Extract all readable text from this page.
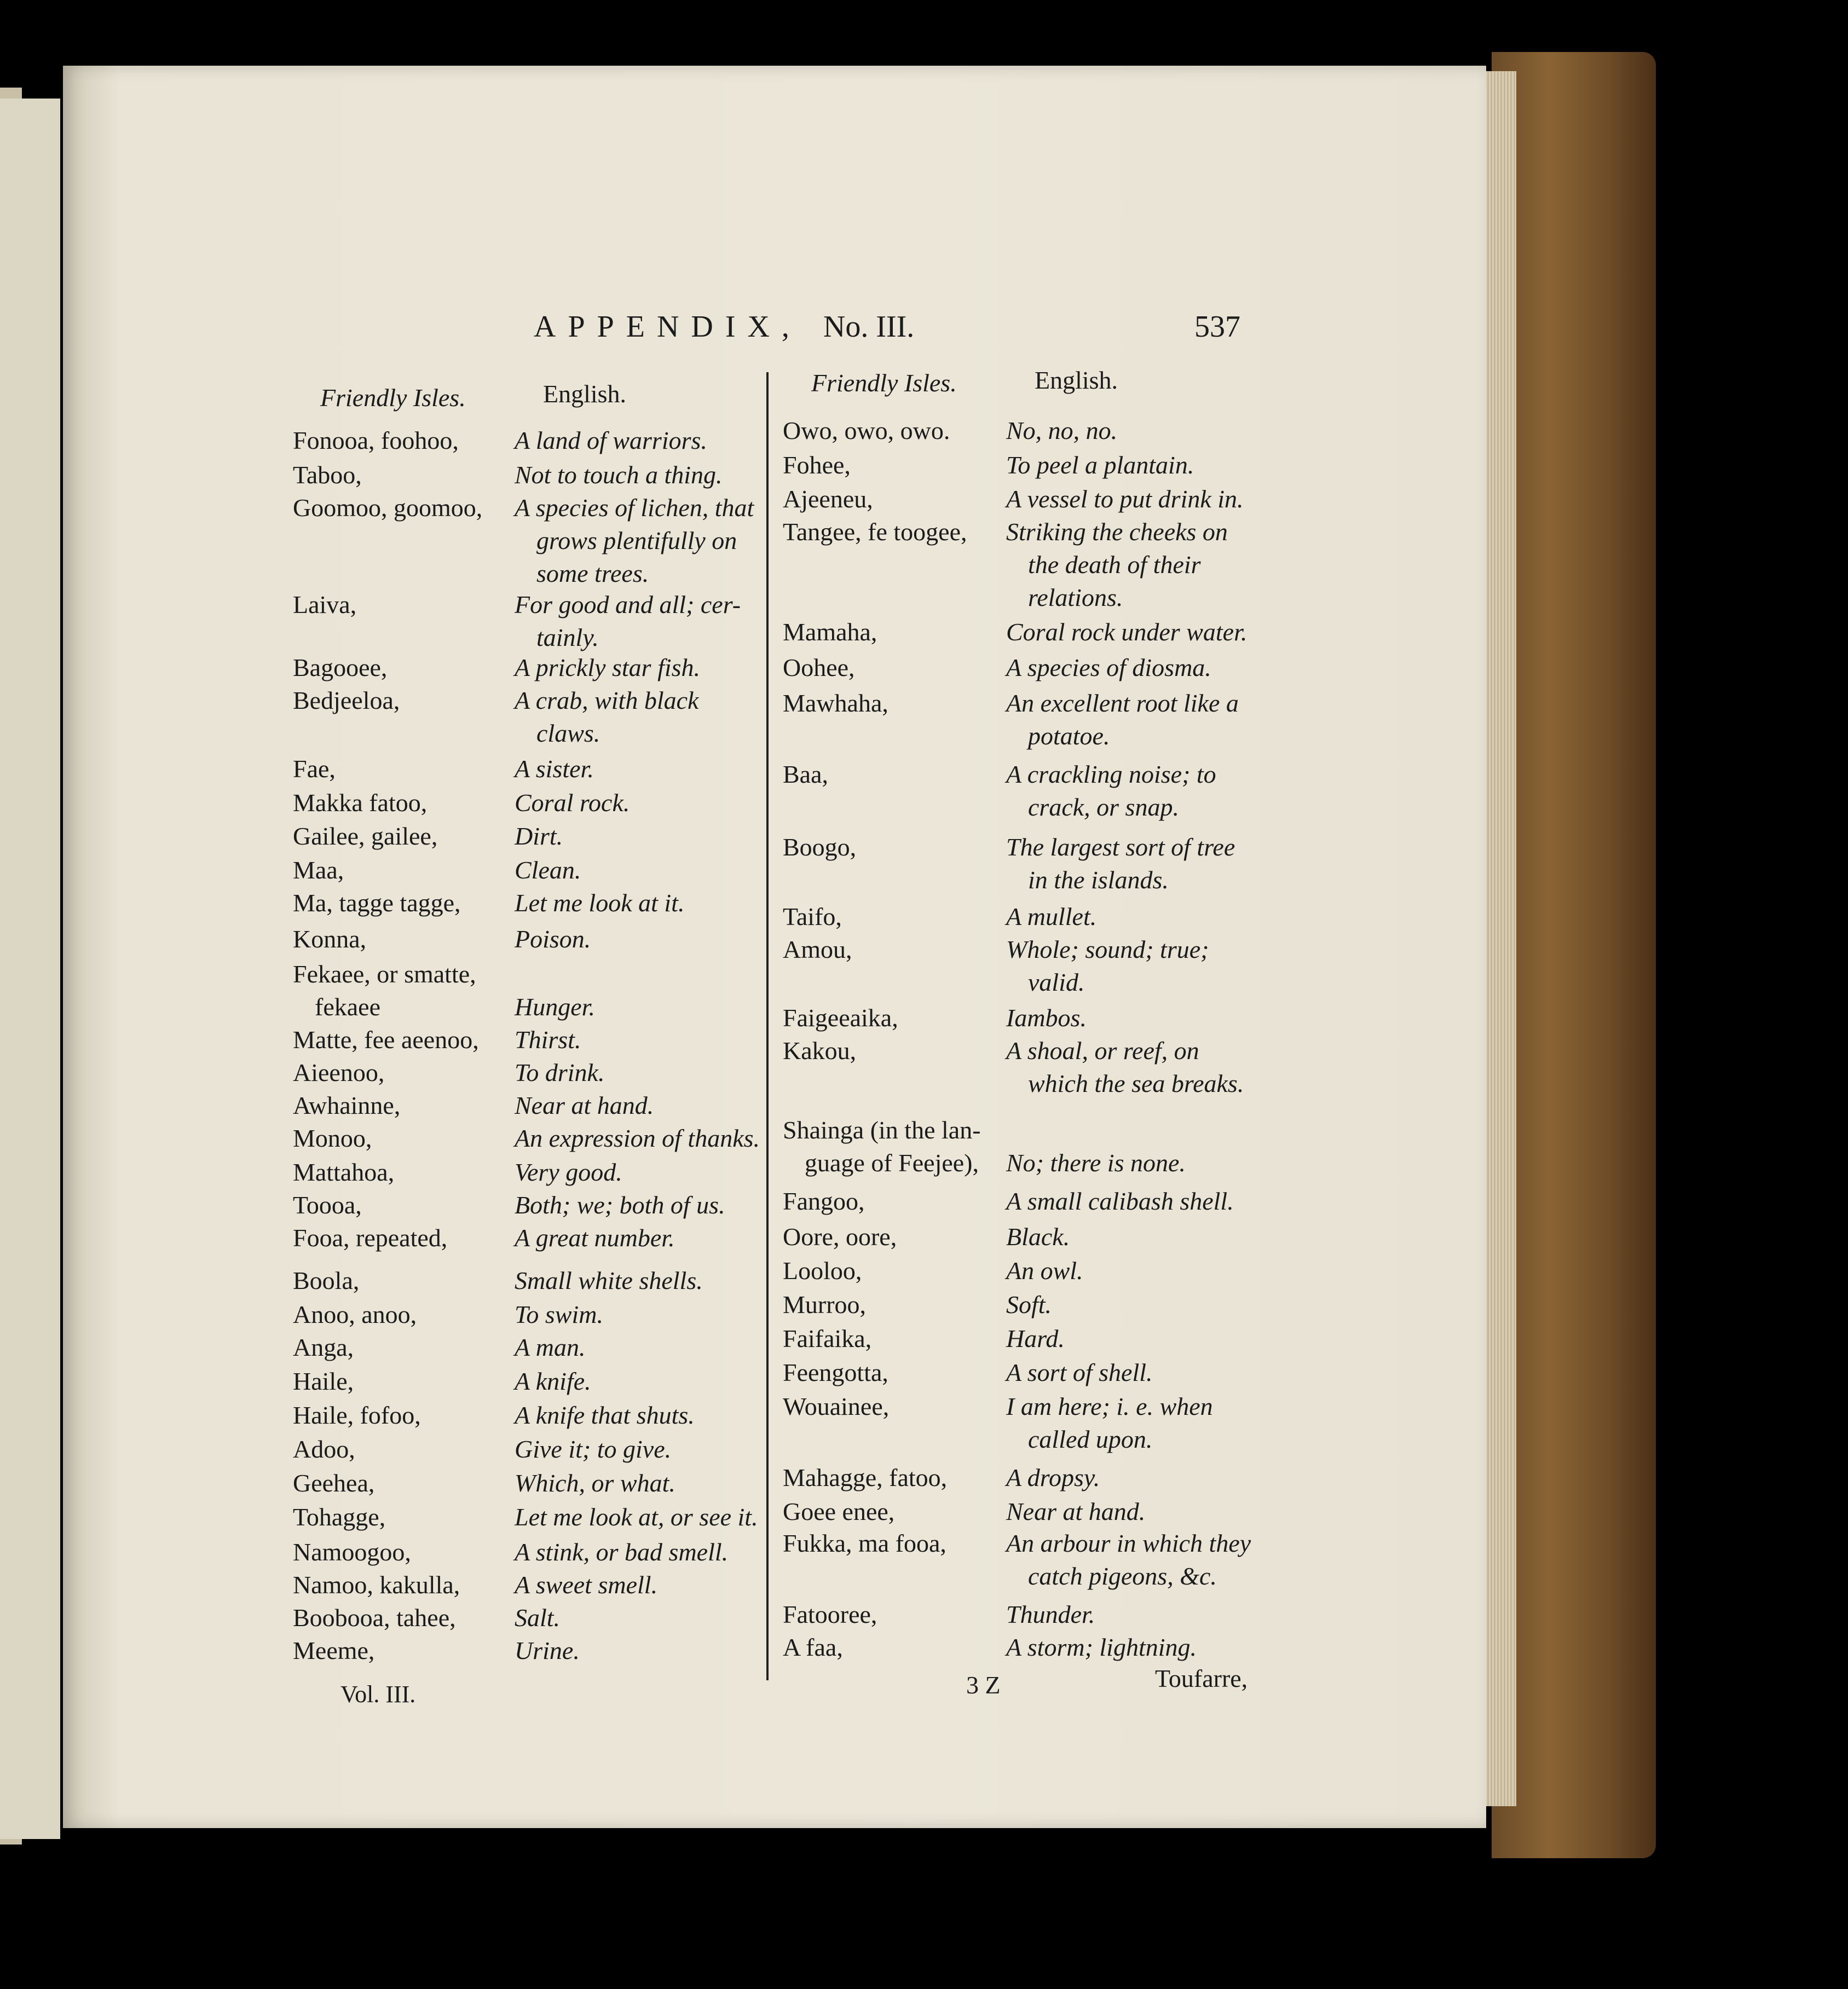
APPENDIX, No. III.	537
Friendly Isles.	English.	Friendly Isles.	English.
Fonooa, foohoo, A land of warriors.
Taboo,	Not to touch a thing.
Goomoo, goomoo, A species of lichen, that
grows plentifully on
some trees.
Laiva,	For good and all; cer-
tainly.
Bagooee,	A prickly star fish.
Bedjeeloa,	A crab, with black
claws.
Fae,	A sister.
Makka fatoo,	Coral rock.
Gailee, gailee,	Dirt.
Maa,	Clean.
Ma, tagge tagge, Let me look at it.
Konna,	Poison.
Fekaee, or smatte,
fekaee	Hunger.
Matte, fee aeenoo, Thirst.
Aieenoo,	To drink.
Awhainne,	Near at hand.
Monoo,	An expression of thanks.
Mattahoa,	Very good.
Toooa,	Both; we; both of us.
Fooa, repeated,	A great number.
Boola,	Small white shells.
Anoo, anoo,	To swim.
Anga,	A man.
Haile,	A knife.
Haile, fofoo,	A knife that shuts.
Adoo,	Give it; to give.
Geehea,	Which, or what.
Tohagge,	Let me look at, or see it.
Namoogoo,	A stink, or bad smell.
Namoo, kakulla, A sweet smell.
Boobooa, tahee, Salt.
Meeme,	Urine.
Owo, owo, owo. No, no, no.
Fohee,	To peel a plantain.
Ajeeneu,	A vessel to put drink in.
Tangee, fe toogee, Striking the cheeks on
the death of their
relations.
Mamaha,	Coral rock under water.
Oohee,	A species of diosma.
Mawhaha,	An excellent root like a
potatoe.
Baa,	A crackling noise; to
crack, or snap.
Boogo,	The largest sort of tree
in the islands.
Taifo,	A mullet.
Amou,	Whole; sound; true;
valid.
Faigeeaika,	Iambos.
Kakou,	A shoal, or reef, on
which the sea breaks.
Shainga (in the lan-
guage of Feejee), No; there is none.
Fangoo,	A small calibash shell.
Oore, oore,	Black.
Looloo,	An owl.
Murroo,	Soft.
Faifaika,	Hard.
Feengotta,	A sort of shell.
Wouainee,	I am here; i. e. when
called upon.
Mahagge, fatoo, A dropsy.
Goee enee,	Near at hand.
Fukka, ma fooa, An arbour in which they
catch pigeons, &c.
Fatooree,	Thunder.
A faa,	A storm; lightning.
Vol. III.	3 Z	Toufarre,
